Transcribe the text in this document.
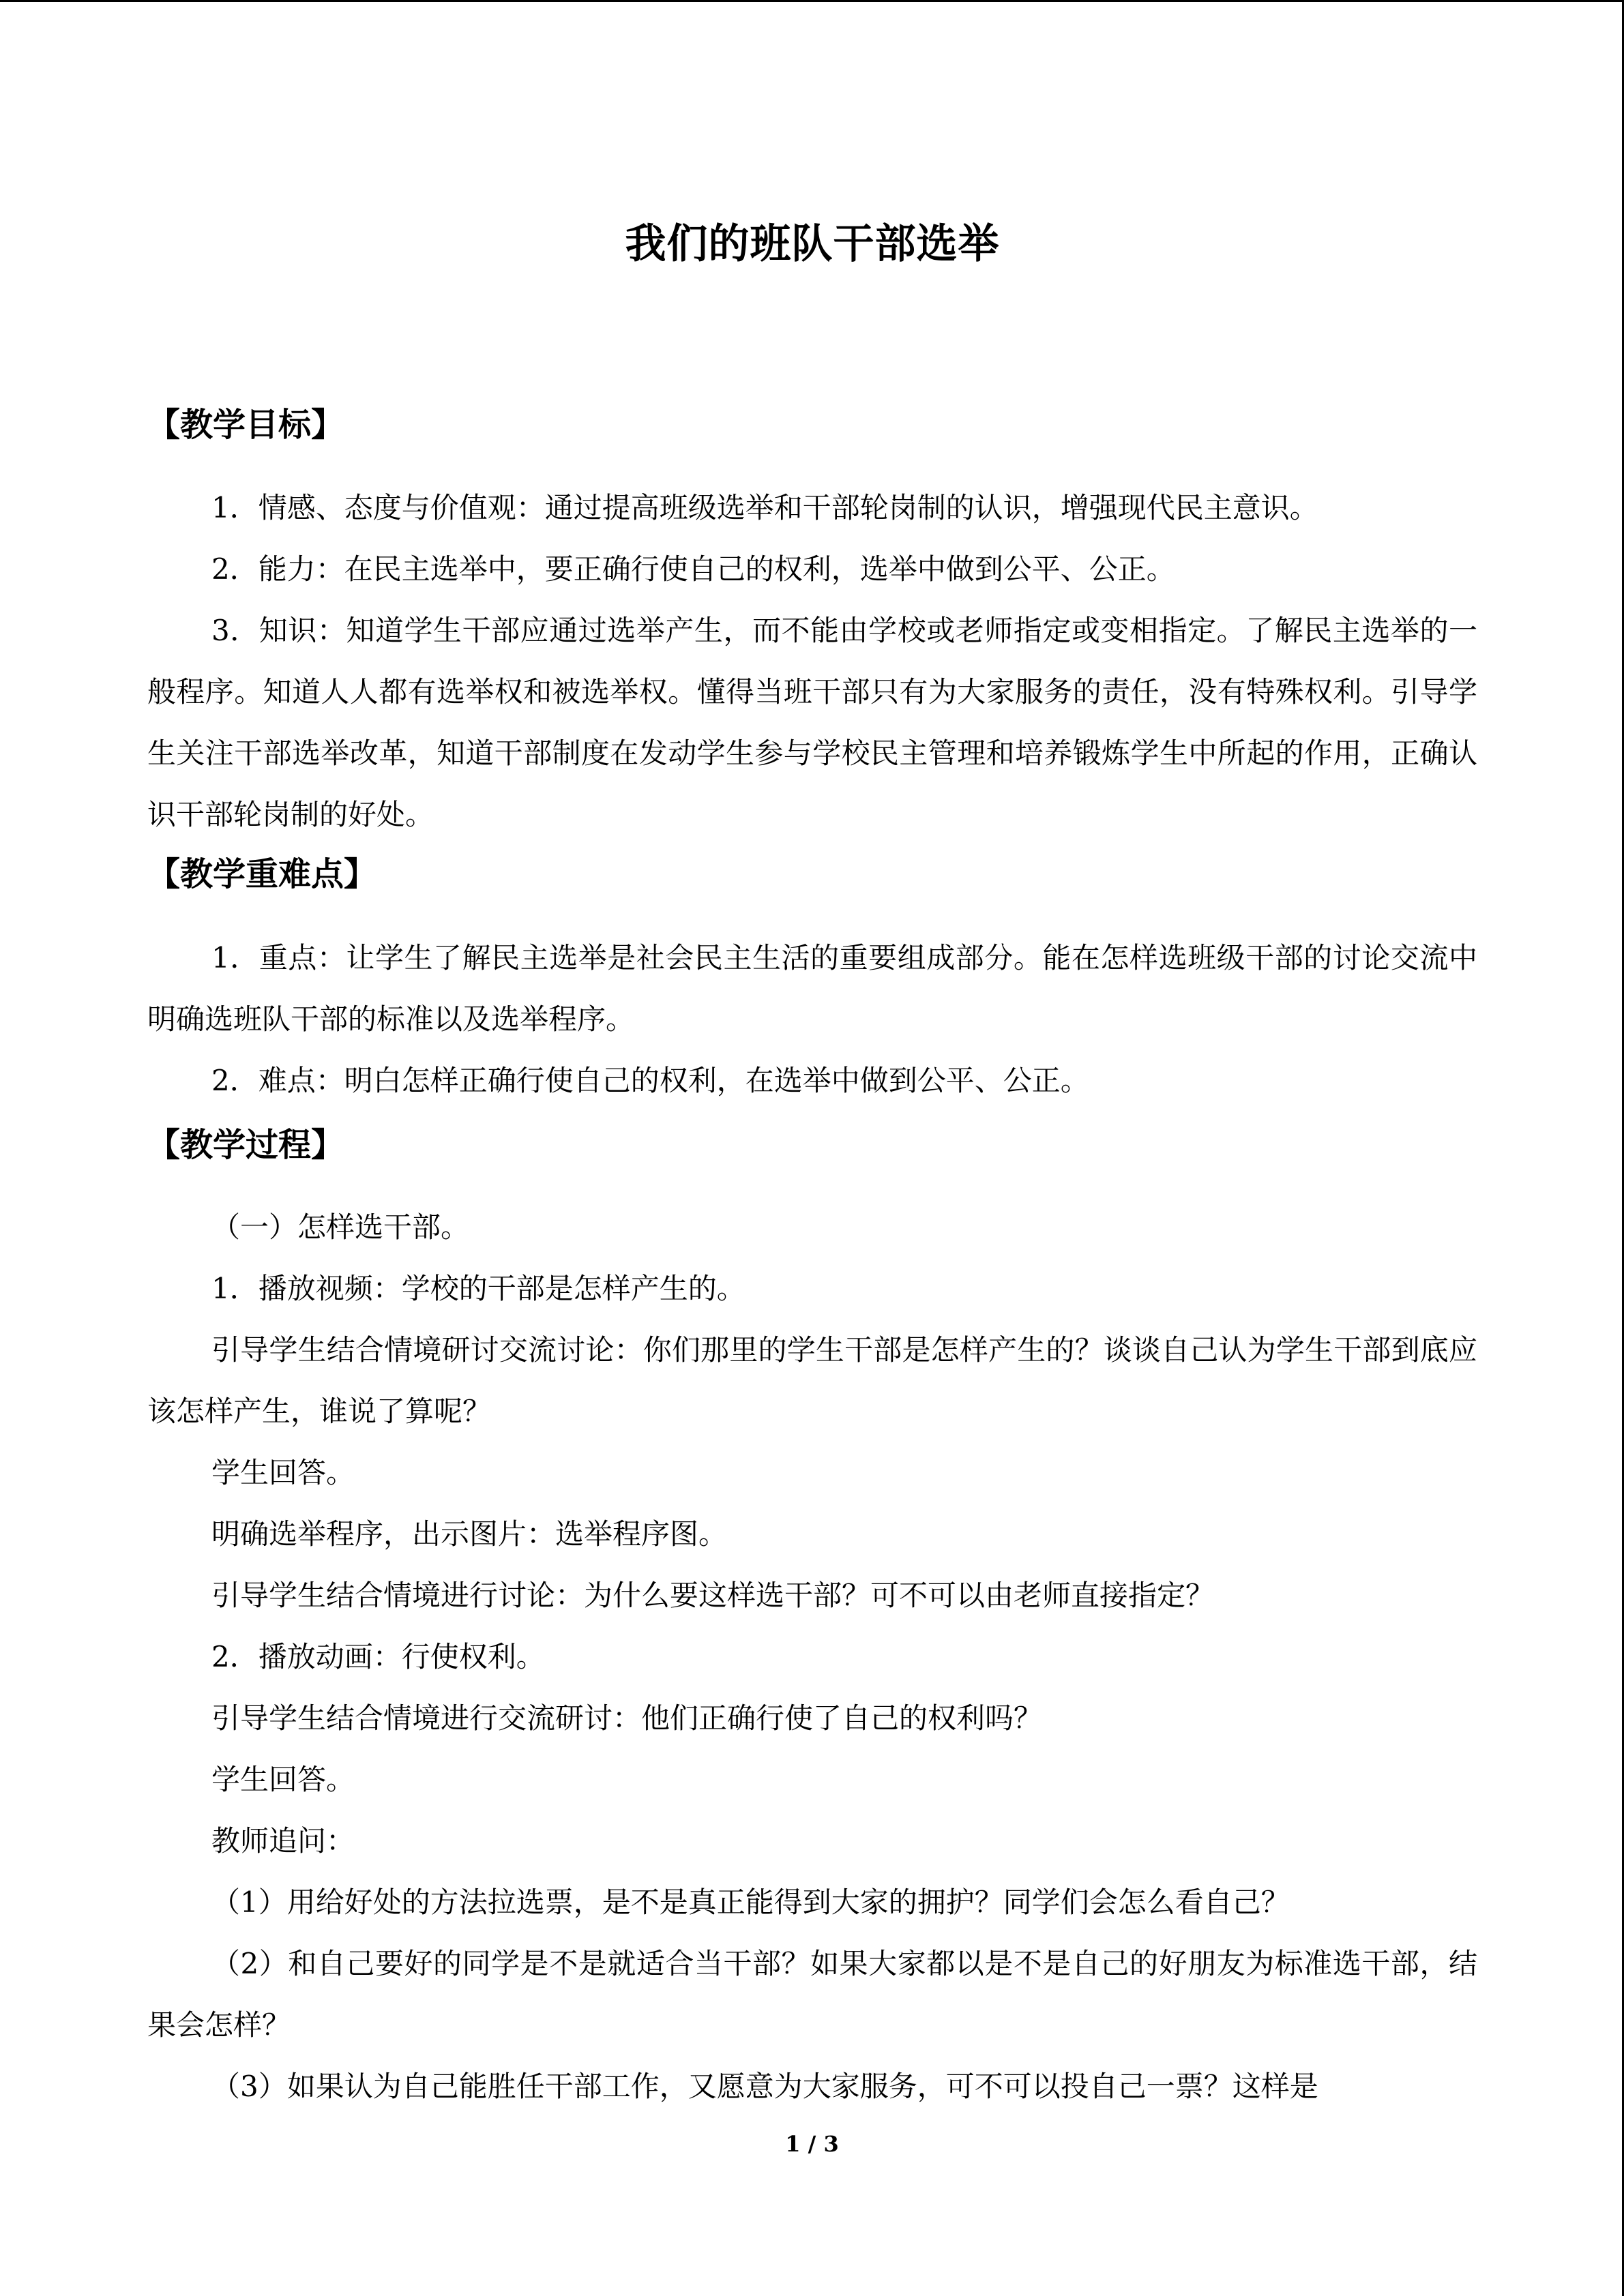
我们的班队干部选举
【教学目标】

1．情感、态度与价值观：通过提高班级选举和干部轮岗制的认识，增强现代民主意识。

2．能力：在民主选举中，要正确行使自己的权利，选举中做到公平、公正。

3．知识：知道学生干部应通过选举产生，而不能由学校或老师指定或变相指定。了解民主选举的一般程序。知道人人都有选举权和被选举权。懂得当班干部只有为大家服务的责任，没有特殊权利。引导学生关注干部选举改革，知道干部制度在发动学生参与学校民主管理和培养锻炼学生中所起的作用，正确认识干部轮岗制的好处。

【教学重难点】

1．重点：让学生了解民主选举是社会民主生活的重要组成部分。能在怎样选班级干部的讨论交流中明确选班队干部的标准以及选举程序。

2．难点：明白怎样正确行使自己的权利，在选举中做到公平、公正。

【教学过程】

（一）怎样选干部。

1．播放视频：学校的干部是怎样产生的。

引导学生结合情境研讨交流讨论：你们那里的学生干部是怎样产生的？谈谈自己认为学生干部到底应该怎样产生，谁说了算呢？

学生回答。

明确选举程序，出示图片：选举程序图。

引导学生结合情境进行讨论：为什么要这样选干部？可不可以由老师直接指定？

2．播放动画：行使权利。

引导学生结合情境进行交流研讨：他们正确行使了自己的权利吗？

学生回答。

教师追问：

（1）用给好处的方法拉选票，是不是真正能得到大家的拥护？同学们会怎么看自己？

（2）和自己要好的同学是不是就适合当干部？如果大家都以是不是自己的好朋友为标准选干部，结果会怎样？

（3）如果认为自己能胜任干部工作，又愿意为大家服务，可不可以投自己一票？这样是

1 / 3
